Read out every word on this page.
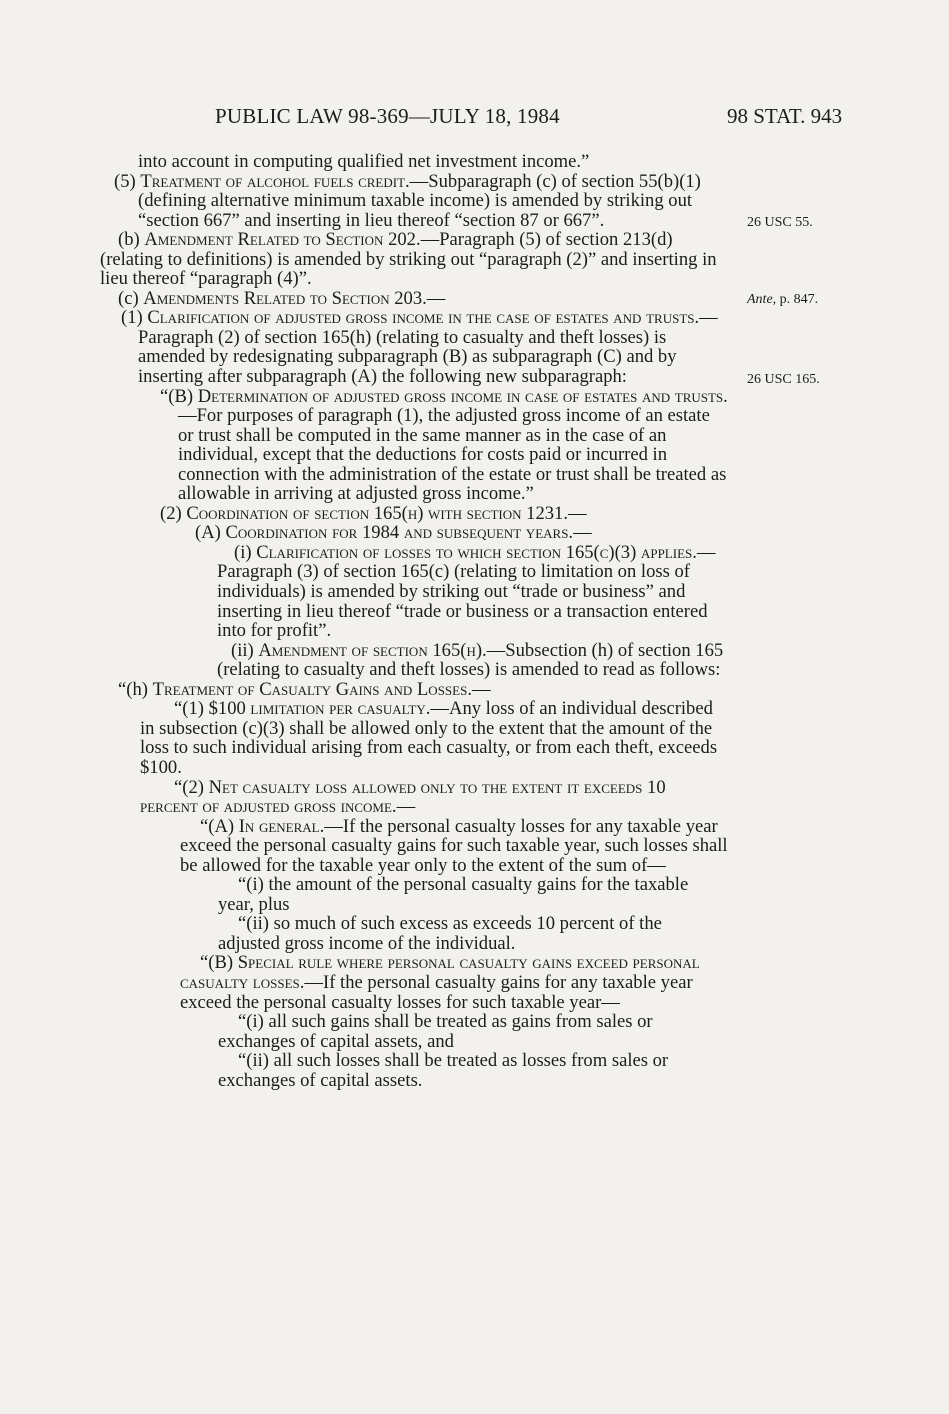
PUBLIC LAW 98-369—JULY 18, 1984	98 STAT. 943
26 USC 55.
Ante, p. 847.
26 USC 165.

into account in computing qualified net investment income.”

(5) Treatment of alcohol fuels credit.—Subparagraph (c) of section 55(b)(1) (defining alternative minimum taxable income) is amended by striking out “section 667” and inserting in lieu thereof “section 87 or 667”.

(b) Amendment Related to Section 202.—Paragraph (5) of section 213(d) (relating to definitions) is amended by striking out “paragraph (2)” and inserting in lieu thereof “paragraph (4)”.

(c) Amendments Related to Section 203.—

(1) Clarification of adjusted gross income in the case of estates and trusts.—Paragraph (2) of section 165(h) (relating to casualty and theft losses) is amended by redesignating subparagraph (B) as subparagraph (C) and by inserting after subparagraph (A) the following new subparagraph:

“(B) Determination of adjusted gross income in case of estates and trusts.—For purposes of paragraph (1), the adjusted gross income of an estate or trust shall be computed in the same manner as in the case of an individual, except that the deductions for costs paid or incurred in connection with the administration of the estate or trust shall be treated as allowable in arriving at adjusted gross income.”

(2) Coordination of section 165(h) with section 1231.—

(A) Coordination for 1984 and subsequent years.—

(i) Clarification of losses to which section 165(c)(3) applies.—Paragraph (3) of section 165(c) (relating to limitation on loss of individuals) is amended by striking out “trade or business” and inserting in lieu thereof “trade or business or a transaction entered into for profit”.

(ii) Amendment of section 165(h).—Subsection (h) of section 165 (relating to casualty and theft losses) is amended to read as follows:

“(h) Treatment of Casualty Gains and Losses.—

“(1) $100 limitation per casualty.—Any loss of an individual described in subsection (c)(3) shall be allowed only to the extent that the amount of the loss to such individual arising from each casualty, or from each theft, exceeds $100.

“(2) Net casualty loss allowed only to the extent it exceeds 10 percent of adjusted gross income.—

“(A) In general.—If the personal casualty losses for any taxable year exceed the personal casualty gains for such taxable year, such losses shall be allowed for the taxable year only to the extent of the sum of—

“(i) the amount of the personal casualty gains for the taxable year, plus

“(ii) so much of such excess as exceeds 10 percent of the adjusted gross income of the individual.

“(B) Special rule where personal casualty gains exceed personal casualty losses.—If the personal casualty gains for any taxable year exceed the personal casualty losses for such taxable year—

“(i) all such gains shall be treated as gains from sales or exchanges of capital assets, and

“(ii) all such losses shall be treated as losses from sales or exchanges of capital assets.
